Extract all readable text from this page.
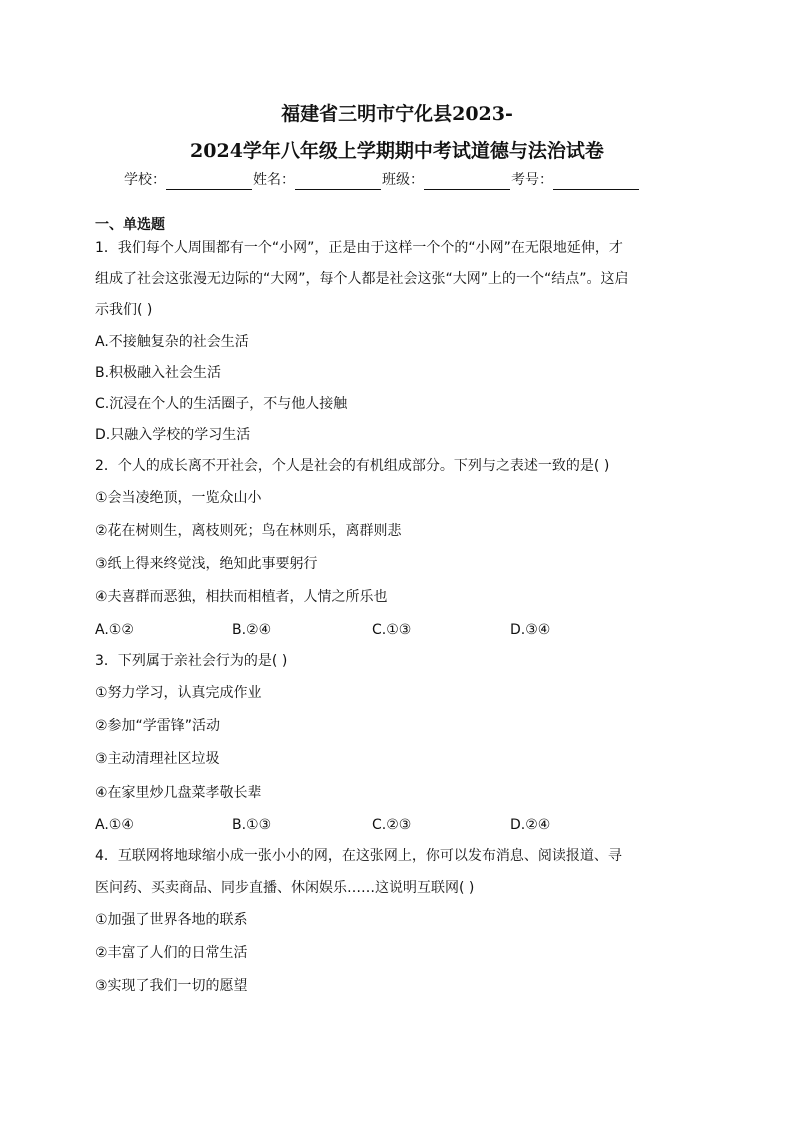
福建省三明市宁化县2023-
2024学年八年级上学期期中考试道德与法治试卷
学校：	姓名：	班级：	考号：
一、单选题
1．我们每个人周围都有一个“小网”，正是由于这样一个个的“小网”在无限地延伸，才
组成了社会这张漫无边际的“大网”，每个人都是社会这张“大网”上的一个“结点”。这启
示我们( )
A.不接触复杂的社会生活
B.积极融入社会生活
C.沉浸在个人的生活圈子，不与他人接触
D.只融入学校的学习生活
2．个人的成长离不开社会，个人是社会的有机组成部分。下列与之表述一致的是( )
①会当凌绝顶，一览众山小
②花在树则生，离枝则死；鸟在林则乐，离群则悲
③纸上得来终觉浅，绝知此事要躬行
④夫喜群而恶独，相扶而相植者，人情之所乐也
A.①②	B.②④	C.①③	D.③④
3．下列属于亲社会行为的是( )
①努力学习，认真完成作业
②参加“学雷锋”活动
③主动清理社区垃圾
④在家里炒几盘菜孝敬长辈
A.①④	B.①③	C.②③	D.②④
4．互联网将地球缩小成一张小小的网，在这张网上，你可以发布消息、阅读报道、寻
医问药、买卖商品、同步直播、休闲娱乐……这说明互联网( )
①加强了世界各地的联系
②丰富了人们的日常生活
③实现了我们一切的愿望
